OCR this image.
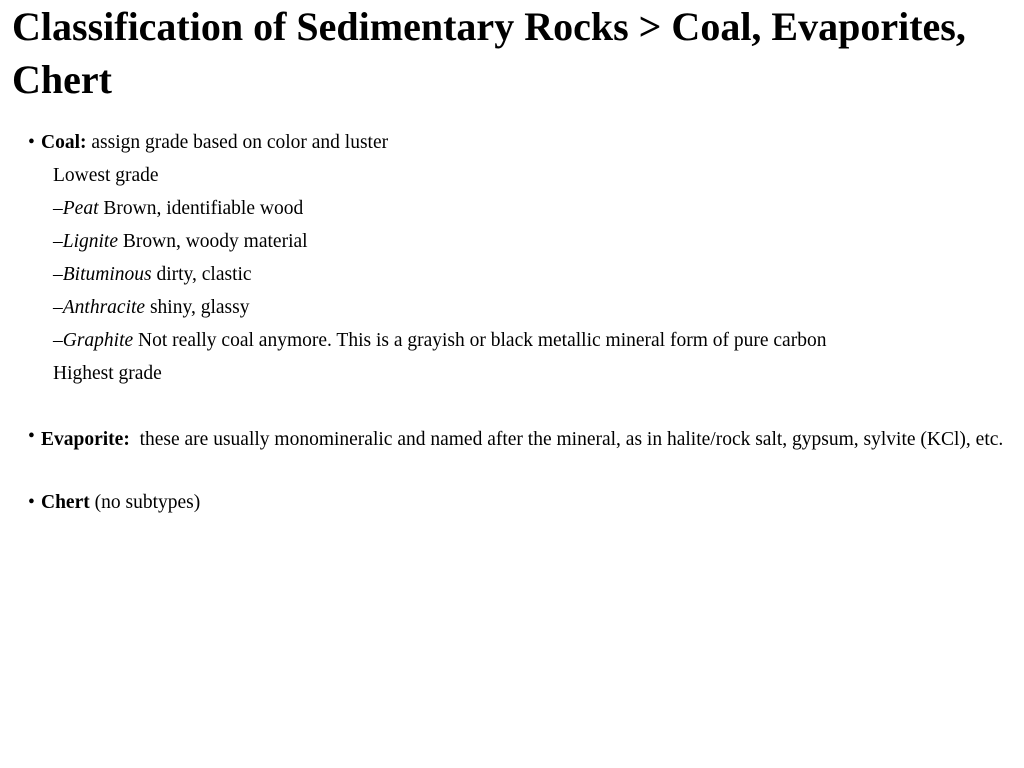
Classification of Sedimentary Rocks > Coal, Evaporites, Chert

• Coal: assign grade based on color and luster

Lowest grade

–Peat Brown, identifiable wood

–Lignite Brown, woody material

–Bituminous dirty, clastic

–Anthracite shiny, glassy

–Graphite Not really coal anymore. This is a grayish or black metallic mineral form of pure carbon

Highest grade

• Evaporite: these are usually monomineralic and named after the mineral, as in halite/rock salt, gypsum, sylvite (KCl), etc.

• Chert (no subtypes)
